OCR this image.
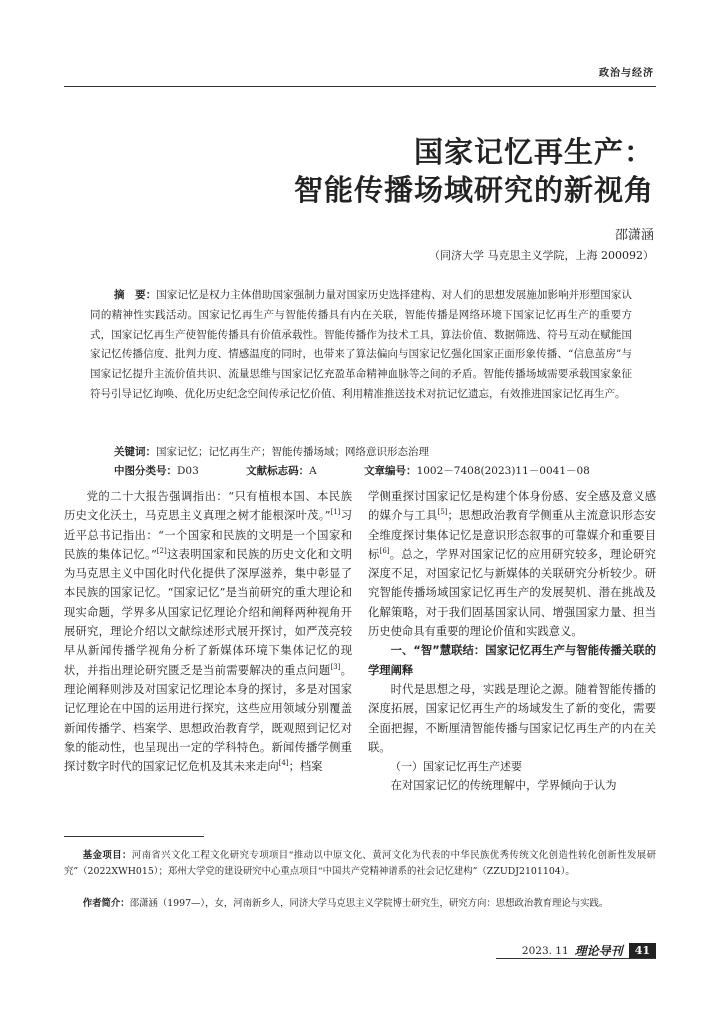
政治与经济
国家记忆再生产：
智能传播场域研究的新视角
邵潇涵
（同济大学 马克思主义学院，上海 200092）
摘　要：国家记忆是权力主体借助国家强制力量对国家历史选择建构、对人们的思想发展施加影响并形塑国家认同的精神性实践活动。国家记忆再生产与智能传播具有内在关联，智能传播是网络环境下国家记忆再生产的重要方式，国家记忆再生产使智能传播具有价值承载性。智能传播作为技术工具，算法价值、数据筛选、符号互动在赋能国家记忆传播信度、批判力度、情感温度的同时，也带来了算法偏向与国家记忆强化国家正面形象传播、“信息茧房”与国家记忆提升主流价值共识、流量思维与国家记忆充盈革命精神血脉等之间的矛盾。智能传播场域需要承载国家象征符号引导记忆询唤、优化历史纪念空间传承记忆价值、利用精准推送技术对抗记忆遗忘，有效推进国家记忆再生产。
关键词：国家记忆；记忆再生产；智能传播场域；网络意识形态治理
中图分类号：D03	文献标志码：A	文章编号：1002－7408(2023)11－0041－08

党的二十大报告强调指出：“只有植根本国、本民族历史文化沃土，马克思主义真理之树才能根深叶茂。”[1]习近平总书记指出：“一个国家和民族的文明是一个国家和民族的集体记忆。”[2]这表明国家和民族的历史文化和文明为马克思主义中国化时代化提供了深厚滋养，集中彰显了本民族的国家记忆。“国家记忆”是当前研究的重大理论和现实命题，学界多从国家记忆理论介绍和阐释两种视角开展研究，理论介绍以文献综述形式展开探讨，如严茂亮较早从新闻传播学视角分析了新媒体环境下集体记忆的现状，并指出理论研究匮乏是当前需要解决的重点问题[3]。理论阐释则涉及对国家记忆理论本身的探讨，多是对国家记忆理论在中国的运用进行探究，这些应用领域分别覆盖新闻传播学、档案学、思想政治教育学，既观照到记忆对象的能动性，也呈现出一定的学科特色。新闻传播学侧重探讨数字时代的国家记忆危机及其未来走向[4]；档案

学侧重探讨国家记忆是构建个体身份感、安全感及意义感的媒介与工具[5]；思想政治教育学侧重从主流意识形态安全维度探讨集体记忆是意识形态叙事的可靠媒介和重要目标[6]。总之，学界对国家记忆的应用研究较多，理论研究深度不足，对国家记忆与新媒体的关联研究分析较少。研究智能传播场域国家记忆再生产的发展契机、潜在挑战及化解策略，对于我们固基国家认同、增强国家力量、担当历史使命具有重要的理论价值和实践意义。

一、“智”慧联结：国家记忆再生产与智能传播关联的学理阐释

时代是思想之母，实践是理论之源。随着智能传播的深度拓展，国家记忆再生产的场域发生了新的变化，需要全面把握，不断厘清智能传播与国家记忆再生产的内在关联。

（一）国家记忆再生产述要

在对国家记忆的传统理解中，学界倾向于认为

基金项目：河南省兴文化工程文化研究专项项目“推动以中原文化、黄河文化为代表的中华民族优秀传统文化创造性转化创新性发展研究”（2022XWH015）；郑州大学党的建设研究中心重点项目“中国共产党精神谱系的社会记忆建构”（ZZUDJ2101104）。
作者简介：邵潇涵（1997—），女，河南新乡人，同济大学马克思主义学院博士研究生，研究方向：思想政治教育理论与实践。
2023. 11 理论导刊	41
